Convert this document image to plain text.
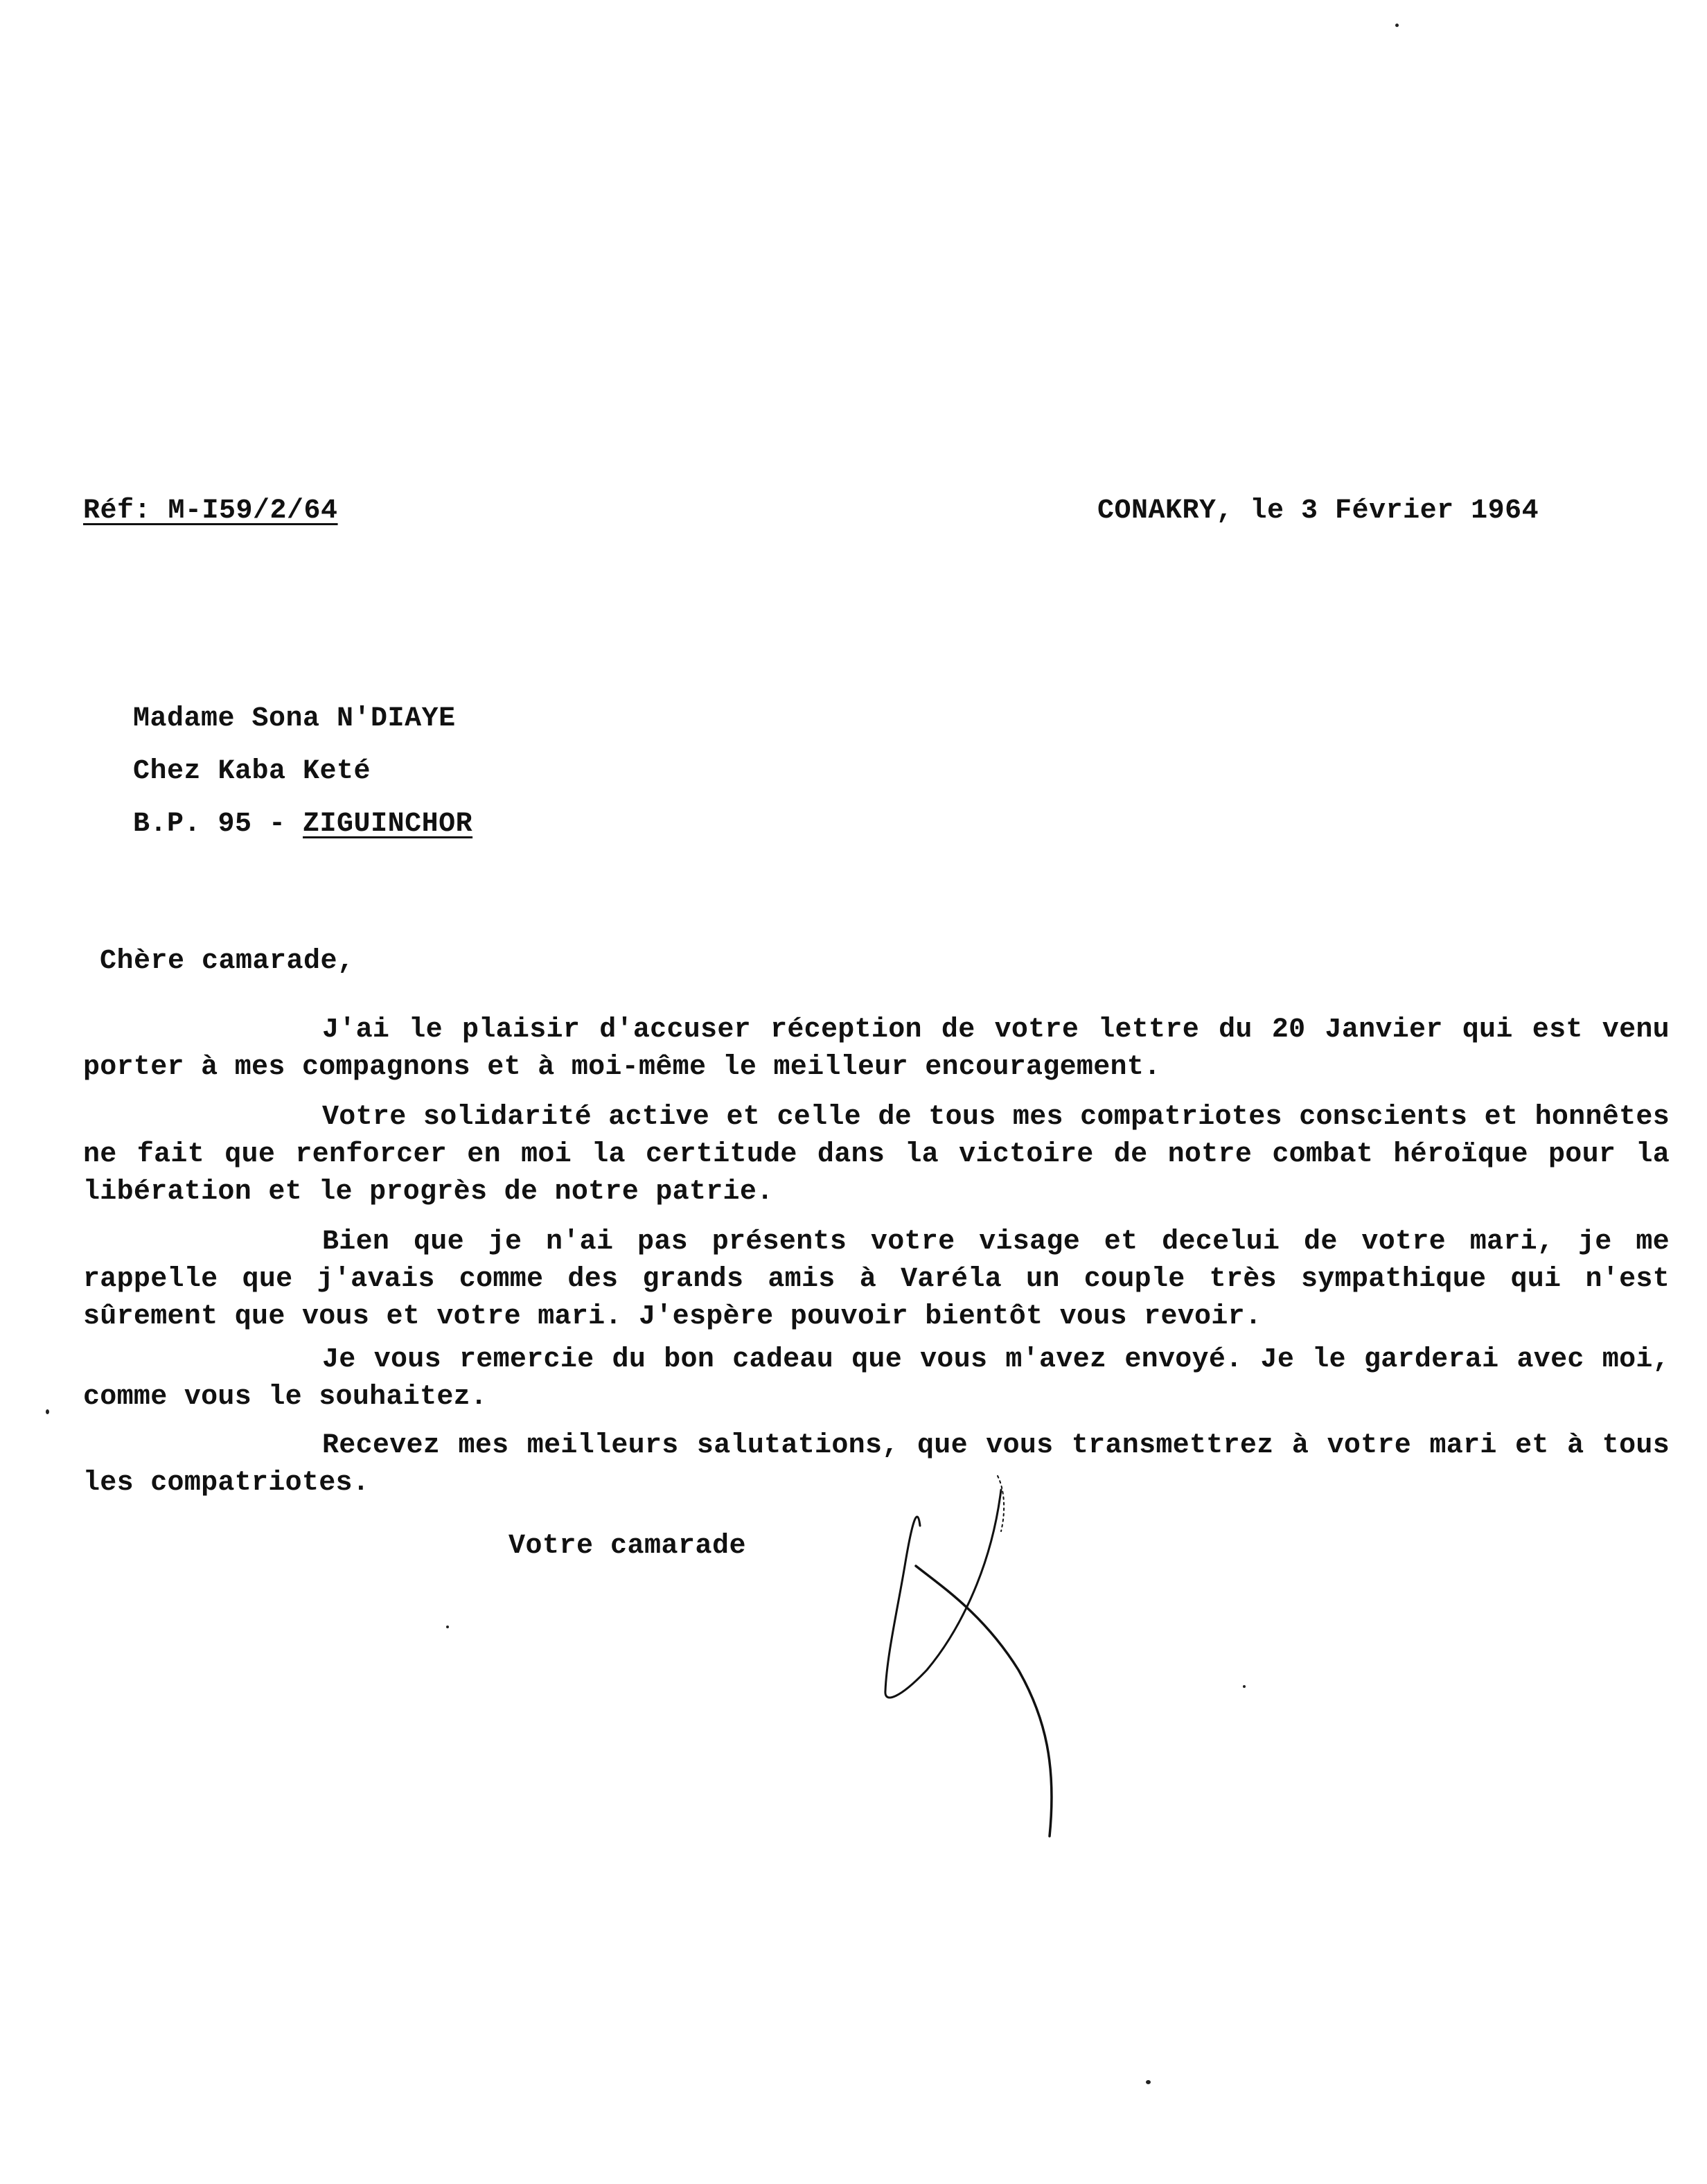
Réf: M-I59/2/64	CONAKRY, le 3 Février 1964
Madame Sona N'DIAYE
Chez Kaba Keté
B.P. 95 - ZIGUINCHOR
Chère camarade,
J'ai le plaisir d'accuser réception de votre lettre du 20 Janvier qui est venu porter à mes compagnons et à moi-même le meilleur encouragement.
Votre solidarité active et celle de tous mes compatriotes conscients et honnêtes ne fait que renforcer en moi la certitude dans la victoire de notre combat héroïque pour la libération et le progrès de notre patrie.
Bien que je n'ai pas présents votre visage et decelui de votre mari, je me rappelle que j'avais comme des grands amis à Varéla un couple très sympathique qui n'est sûrement que vous et votre mari. J'espère pouvoir bientôt vous revoir.
Je vous remercie du bon cadeau que vous m'avez envoyé. Je le garderai avec moi, comme vous le souhaitez.
Recevez mes meilleurs salutations, que vous transmettrez à votre mari et à tous les compatriotes.
Votre camarade
